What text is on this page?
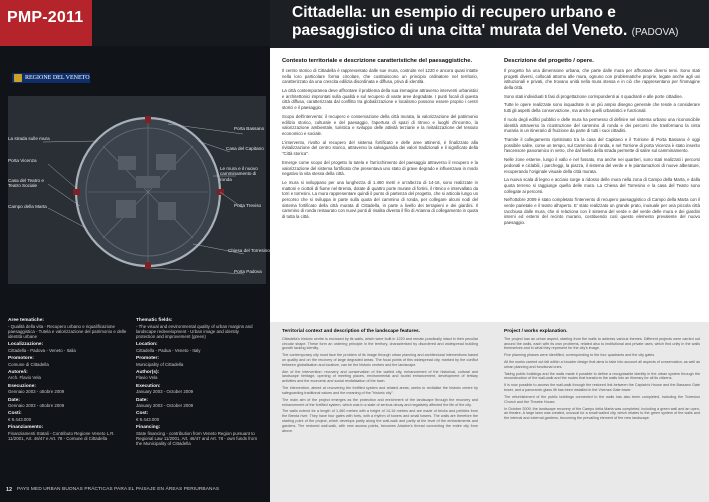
PMP-2011
REGIONE DEL VENETO
Porta Bassano
Casa del Capitano
Le mura e il nuovo camminamento di ronda
Porta Treviso
Chiesa del Torresino
Porta Padova
La strada sulle mura
Porta Vicenza
Casa del Teatro e Teatro Sociale
Campo della Marta
Aree tematiche:
- Qualità della vita - Recupero urbano e riqualificazione paesaggistica - Tutela e valorizzazione del patrimonio e delle identità urbane
Localizzazione:
Cittadella - Padova - Veneto - Italia
Promotore:
Comune di Cittadella
Autore/i:
Arch. Flavio Vela
Esecuzione:
Gennaio 2003 - ottobre 2009
Date:
Gennaio 2003 - ottobre 2009
Costi:
€ 9.443.000
Finanziamento:
Finanziamenti Statali - Contributo Regione Veneto L.R. 11/2001, Art. 46/47 e Art. 78 - Comune di Cittadella
Thematic fields:
- The visual and environmental quality of urban margins and landscape redevelopment - Urban image and identity protection and improvement (green)
Location:
Cittadella - Padua - Veneto - Italy
Promoter:
Municipality of Cittadella
Author(s):
Flavio Vela
Execution:
January 2003 - October 2009
Date:
January 2003 - October 2009
Cost:
€ 9.443.000
Financing:
State financing - contribution from Veneto Region pursuant to Regional Law 11/2001, Art. 46/47 and Art. 78 - own funds from the Municipality of Cittadella
12 PAYS MED URBAN BUONAS PRÁCTICAS PARA EL PAISAJE EN ÁREAS PERIURBANAS
Cittadella: un esempio di recupero urbano e paesaggistico di una citta' murata del Veneto. (PADOVA)
Contesto territoriale e descrizione caratteristiche del paesaggistiche.

Il centro storico di Cittadella è rappresentato dalle sue mura, costruite nel 1220 e ancora quasi intatte nella loro particolare forma circolare, che costituiscono un principio ordinatore nel territorio, caratterizzato da una crescita edilizia disordinata e diffusa, priva di identità.

La città contemporanea deve affrontare il problema della sua immagine attraverso interventi urbanistici e architettonici improntati sulla qualità e sul recupero di vaste aree degradate. I punti focali di questa città diffusa, caratterizzata dal conflitto tra globalizzazione e localismo possono essere proprio i centri storici e il paesaggio.

Scopo dell'intervento: il recupero e conservazione della città murata, la valorizzazione del patrimonio edilizio storico, culturale e del paesaggio, l'apertura di spazi di ritrovo e luoghi d'incontro, la valorizzazione ambientale, turistica e sviluppo delle attività terziarie e la rivitalizzazione del tessuto economico e sociale.

L'intervento, rivolto al recupero del sistema fortificato e delle aree attinenti, è finalizzato alla rivitalizzazione del centro storico, attraverso la salvaguardia dei valori tradizionali e il significato della "Città storica".

Emerge come scopo del progetto la tutela e l'arricchimento del paesaggio attraverso il recupero e la valorizzazione del sistema fortificato che presentava uno stato di grave degrado e influenzava in modo negativo la vita stessa della città.

Le mura si sviluppano per una lunghezza di 1.460 metri e un'altezza di 14-16, sono realizzate in mattoni e ciottoli di fiume nel Brenta, dotate di quattro porte murate di fortini, il ritmico e intervallato da torri e torresini. La mura rappresentare quindi il punto di partenza del progetto, che si articola lungo un percorso che si sviluppa in parte sulla quota del cammino di ronda, per collegare alcuni nodi del sistema fortificato della città murata di Cittadella, in parte a livello dei terrapieni e dei giardini. Il cammino di ronda restaurato con nuovi punti di risalita diventa il filo di Arianna di collegamento in quota di tutta la città.

Descrizione del progetto / opere.

Il progetto ha una dimensione urbana, che parte dalle mura per affrontare diversi temi. Sono stati progetti diversi, collocati attorno alle mura, ognuno con problematiche proprie, legate anche agli usi istituzionali e privati, che trovano unità nella mura stessa e in ciò che rappresentano per l'immagine della città.

Sono stati individuati 5 fasi di progettazione corrispondenti ai 4 quadranti e alle porte cittadine.

Tutte le opere realizzate sono inquadrate in un più ampio disegno generale che tende a considerare tutti gli aspetti della conservazione, ma anche quelli urbanistici e funzionali.

Il ruolo degli edifici pubblici e delle mura ha permesso di definire nel sistema urbano una riconoscibile identità attraverso la ricostruzione del cammino di ronda e dei percorsi che trasformano la cinta muraria in un itinerario di fruizione da parte di tutti i suoi cittadini.

Tramite il collegamento ripristinato tra la casa del Capitano e il Torrione di Porta Bassano è oggi possibile salire, come un tempo, sul Cammino di ronda, e nel Torrione di porta Vicenza è stato inserito l'ascensore panoramico in vetro, che dal livello della strada permette di salire sul camminamento.

Nelle zone esterne, lungo il vallo e nel fossato, ma anche nei quartieri, sono stati realizzati i percorsi pedonali e ciclabili, i parcheggi, la piazza, il sistema del verde e le piantumazioni di nuove alberature, recuperando l'originale visuale della città murata.

La nuova scala di legno e acciaio sorge a ridosso delle mura nella zona di Campo della Marta, e dalla quota terreno si raggiunge quella delle mura. La Chiesa del Torresino e la casa del Teatro sono collegate ai percorsi.

Nell'ottobre 2009 è stato completato l'intervento di recupero paesaggistico di Campo della Marta con il verde parietale e il teatro all'aperto. E' stato realizzato un grande prato, inusuale per una piccola città racchiusa dalle mura, che si relaziona con il sistema del verde e del verde delle mura e dei giardini interni ed esterni del recinto murario, costituendo così questo elemento prevalente del nuovo paesaggio.

Territorial context and description of the landscape features.

Cittadella's historic centre is enclosed by its walls, which were built in 1220 and remain practically intact in their peculiar circular shape. These form an ordering principle in the territory, characterised by disordered and widespread building growth lacking identity.

The contemporary city must face the problem of its image through urban planning and architectural interventions based on quality and on the recovery of large degraded areas. The focal points of this widespread city, marked by the conflict between globalisation and localism, can be the historic centres and the landscape.

Aim of the intervention: recovery and conservation of the walled city, enhancement of the historical, cultural and landscape heritage, opening of meeting places, environmental and tourist enhancement, development of tertiary activities and the economic and social revitalisation of the town.

The intervention, aimed at recovering the fortified system and related areas, seeks to revitalise the historic centre by safeguarding traditional values and the meaning of the "historic city".

The main aim of the project emerges as the protection and enrichment of the landscape through the recovery and enhancement of the fortified system, which was in a state of serious decay and negatively affected the life of the city.

The walls extend for a length of 1,460 metres with a height of 14-16 metres and are made of bricks and pebbles from the Brenta river. They have four gates with forts, with a rhythm of towers and small towers. The walls are therefore the starting point of the project, which develops partly along the wall-walk and partly at the level of the embankments and gardens. The restored wall-walk, with new access points, becomes Ariadne's thread connecting the entire city from above.

Project / works explanation.

The project has an urban aspect, starting from the walls to address various themes. Different projects were carried out around the walls, each with its own problems, related also to institutional and private uses, which find unity in the walls themselves and in what they represent for the city's image.

Five planning phases were identified, corresponding to the four quadrants and the city gates.

All the works carried out fall within a broader design that aims to take into account all aspects of conservation, as well as urban planning and functional ones.

Taking public buildings and the walls made it possible to define a recognisable identity in the urban system through the reconstruction of the wall-walk and the routes that transform the walls into an itinerary for all its citizens.

It is now possible to access the wall-walk through the restored link between the Captain's House and the Bassano Gate tower, and a panoramic glass lift has been installed in the Vicenza Gate tower.

The refurbishment of the public buildings connected to the walls has also been completed, including the Torresino Church and the Theatre House.

In October 2009, the landscape recovery of the Campo della Marta was completed, including a green wall and an open-air theatre. A large lawn was created, unusual for a small walled city, which relates to the green system of the walls and the internal and external gardens, becoming the prevailing element of the new landscape.
